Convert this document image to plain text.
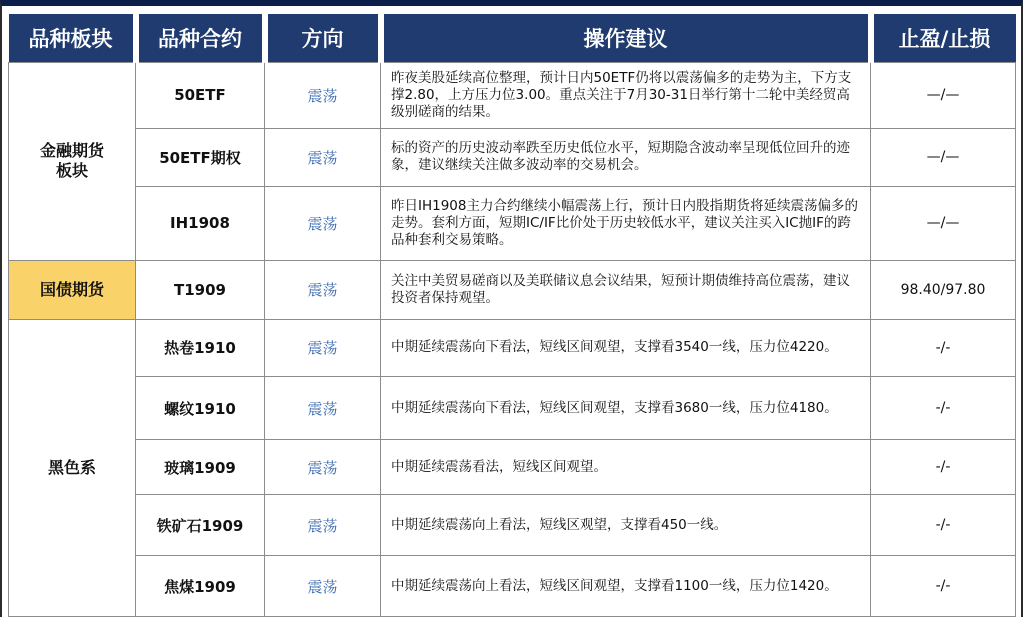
品种板块	品种合约	方向	操作建议	止盈/止损
金融期货
板块	50ETF	震荡	昨夜美股延续高位整理，预计日内50ETF仍将以震荡偏多的走势为主，下方支撑2.80，上方压力位3.00。重点关注于7月30-31日举行第十二轮中美经贸高级别磋商的结果。	—/—
	50ETF期权	震荡	标的资产的历史波动率跌至历史低位水平，短期隐含波动率呈现低位回升的迹象，建议继续关注做多波动率的交易机会。	—/—
	IH1908	震荡	昨日IH1908主力合约继续小幅震荡上行，预计日内股指期货将延续震荡偏多的走势。套利方面，短期IC/IF比价处于历史较低水平，建议关注买入IC抛IF的跨品种套利交易策略。	—/—
国债期货	T1909	震荡	关注中美贸易磋商以及美联储议息会议结果，短预计期债维持高位震荡，建议投资者保持观望。	98.40/97.80
黑色系	热卷1910	震荡	中期延续震荡向下看法，短线区间观望，支撑看3540一线，压力位4220。	-/-
	螺纹1910	震荡	中期延续震荡向下看法，短线区间观望，支撑看3680一线，压力位4180。	-/-
	玻璃1909	震荡	中期延续震荡看法，短线区间观望。	-/-
	铁矿石1909	震荡	中期延续震荡向上看法，短线区观望，支撑看450一线。	-/-
	焦煤1909	震荡	中期延续震荡向上看法，短线区间观望，支撑看1100一线，压力位1420。	-/-
